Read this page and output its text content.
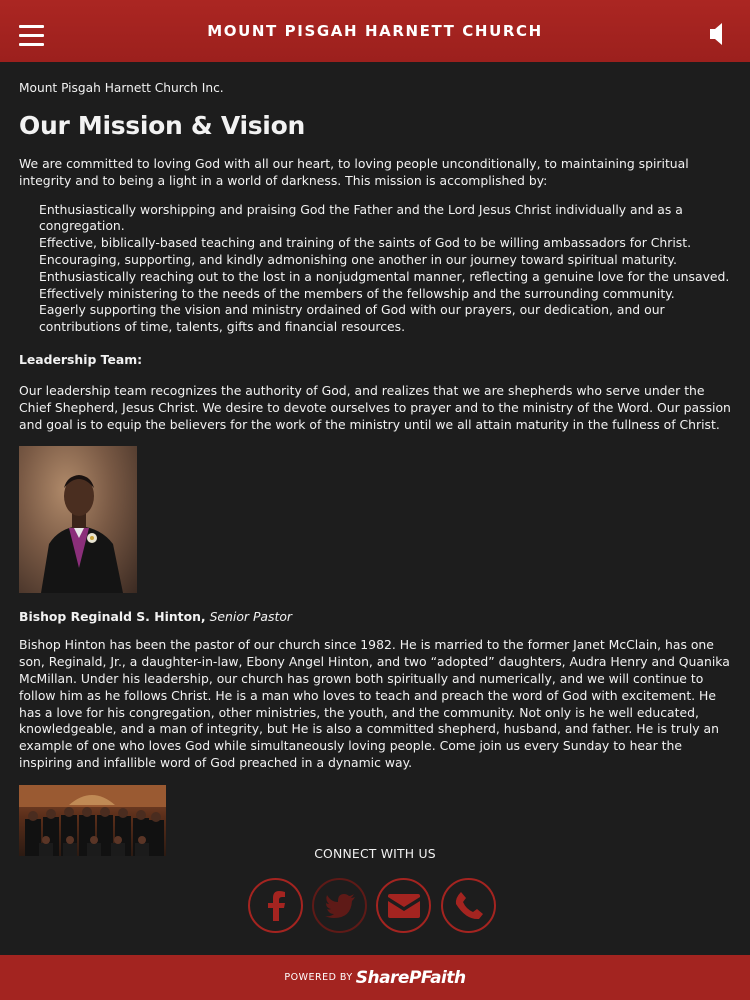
MOUNT PISGAH HARNETT CHURCH
Mount Pisgah Harnett Church Inc.
Our Mission & Vision

We are committed to loving God with all our heart, to loving people unconditionally, to maintaining spiritual integrity and to being a light in a world of darkness. This mission is accomplished by:

Enthusiastically worshipping and praising God the Father and the Lord Jesus Christ individually and as a congregation.
Effective, biblically-based teaching and training of the saints of God to be willing ambassadors for Christ.
Encouraging, supporting, and kindly admonishing one another in our journey toward spiritual maturity.
Enthusiastically reaching out to the lost in a nonjudgmental manner, reflecting a genuine love for the unsaved.
Effectively ministering to the needs of the members of the fellowship and the surrounding community.
Eagerly supporting the vision and ministry ordained of God with our prayers, our dedication, and our contributions of time, talents, gifts and financial resources.
Leadership Team:

Our leadership team recognizes the authority of God, and realizes that we are shepherds who serve under the Chief Shepherd, Jesus Christ. We desire to devote ourselves to prayer and to the ministry of the Word. Our passion and goal is to equip the believers for the work of the ministry until we all attain maturity in the fullness of Christ.

Bishop Reginald S. Hinton, Senior Pastor

Bishop Hinton has been the pastor of our church since 1982. He is married to the former Janet McClain, has one son, Reginald, Jr., a daughter-in-law, Ebony Angel Hinton, and two “adopted” daughters, Audra Henry and Quanika McMillan. Under his leadership, our church has grown both spiritually and numerically, and we will continue to follow him as he follows Christ. He is a man who loves to teach and preach the word of God with excitement. He has a love for his congregation, other ministries, the youth, and the community. Not only is he well educated, knowledgeable, and a man of integrity, but He is also a committed shepherd, husband, and father. He is truly an example of one who loves God while simultaneously loving people. Come join us every Sunday to hear the inspiring and infallible word of God preached in a dynamic way.

CONNECT WITH US
POWERED BY SharePFaith
